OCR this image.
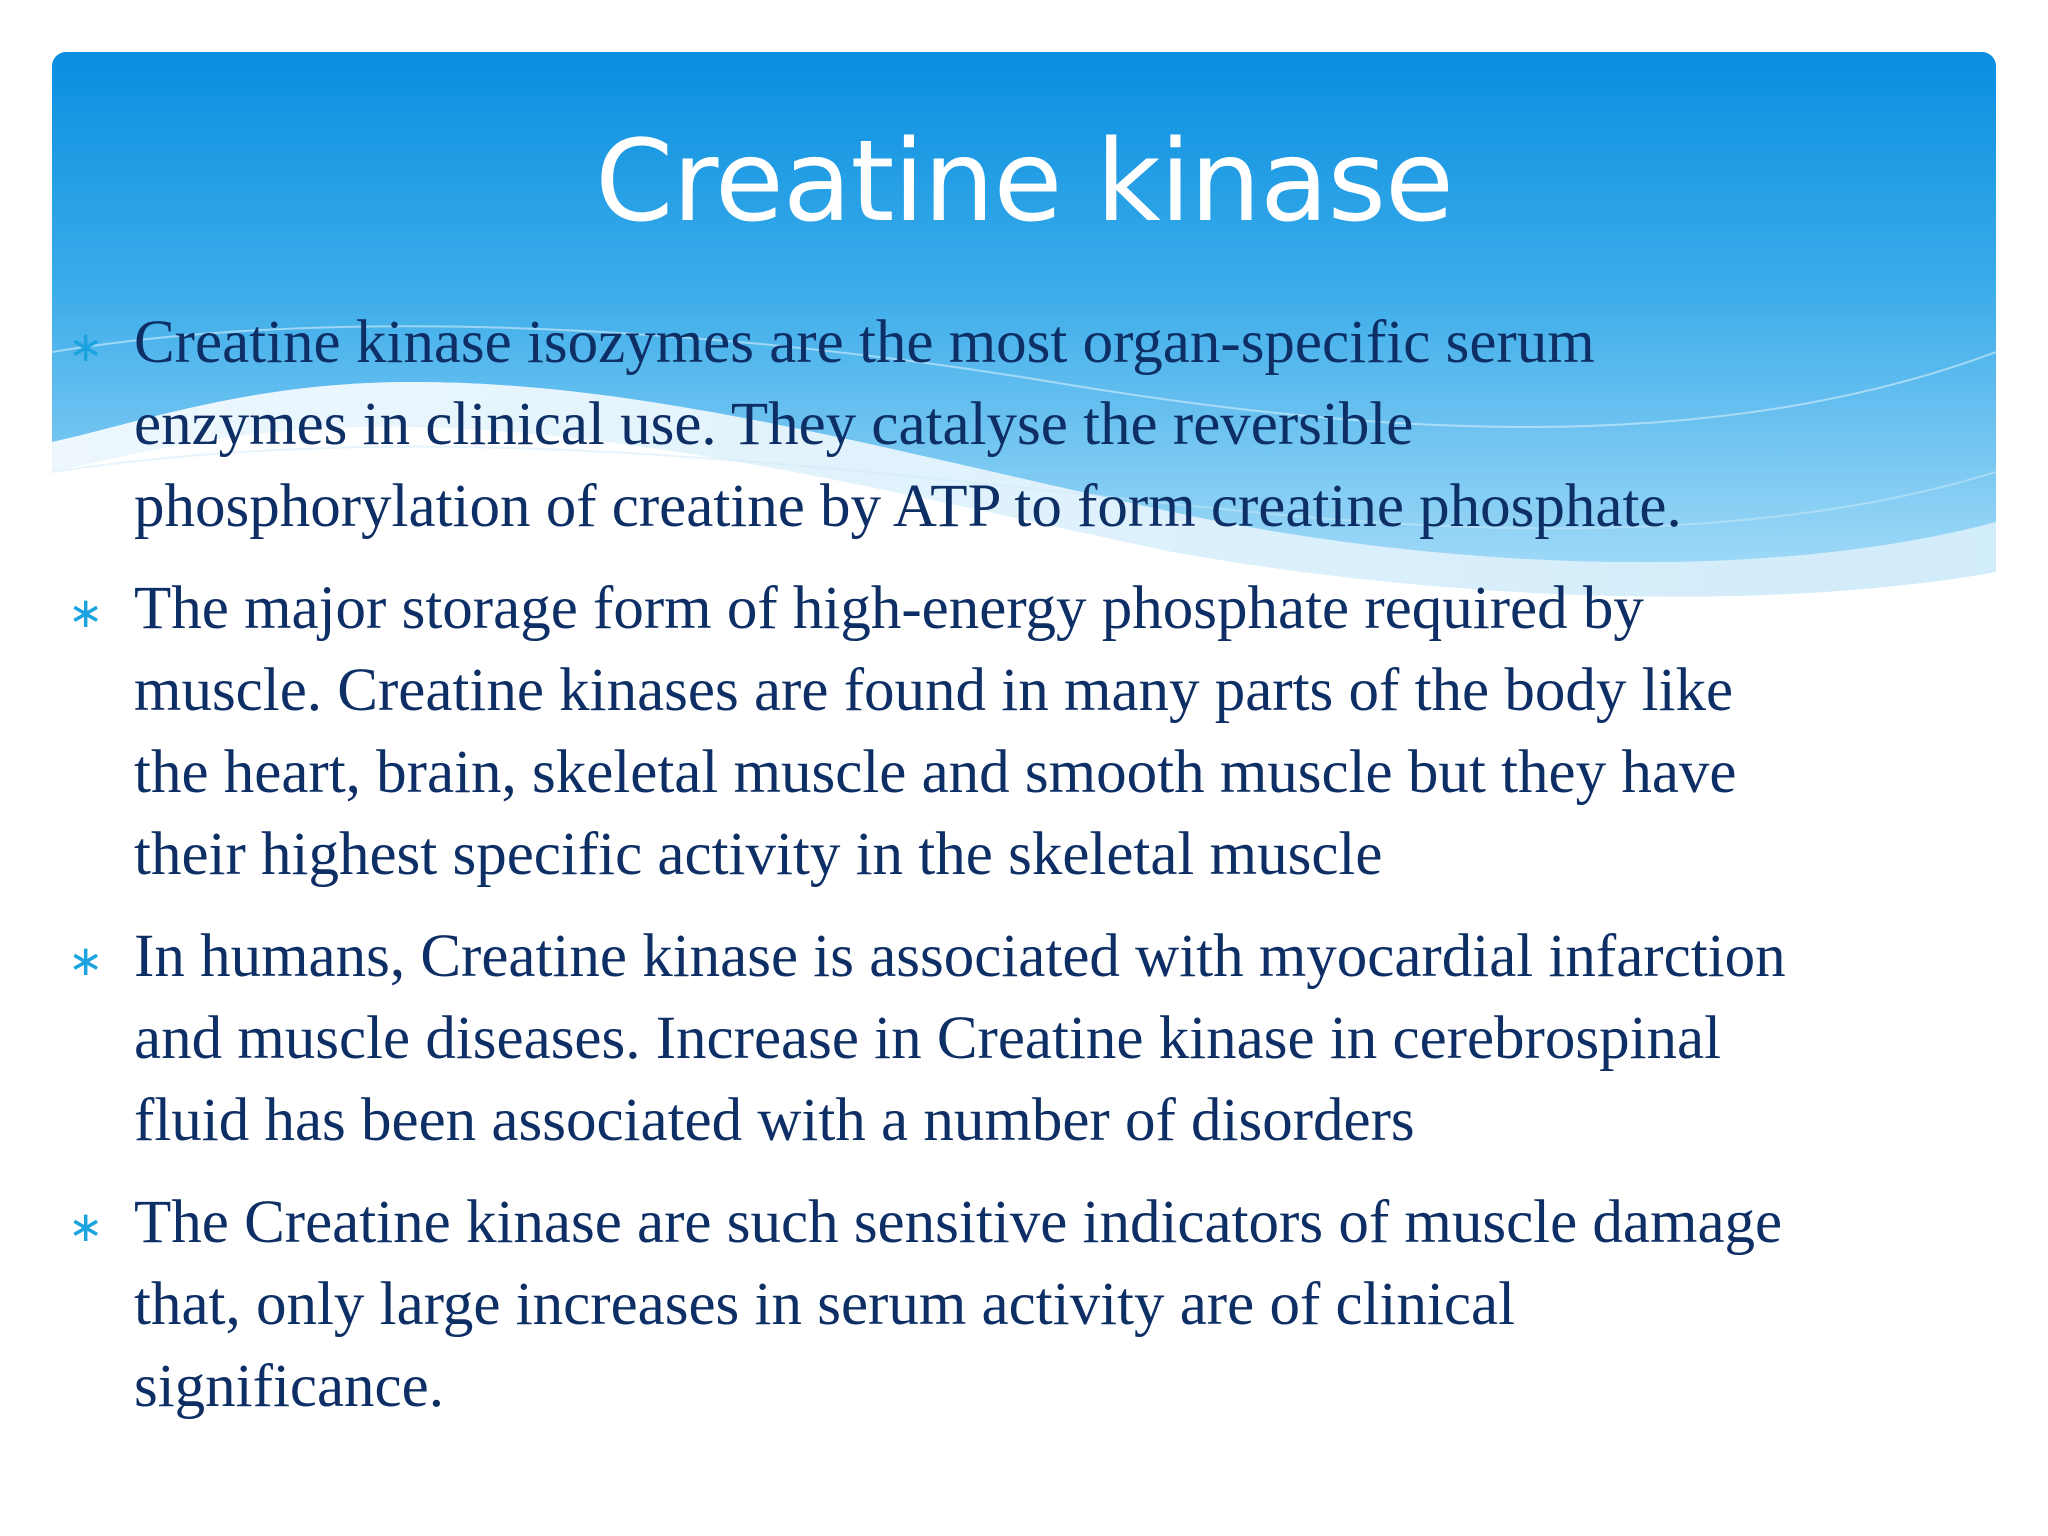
Creatine kinase
∗ Creatine kinase isozymes are the most organ-specific serum
enzymes in clinical use. They catalyse the reversible
phosphorylation of creatine by ATP to form creatine phosphate.
∗ The major storage form of high-energy phosphate required by
muscle. Creatine kinases are found in many parts of the body like
the heart, brain, skeletal muscle and smooth muscle but they have
their highest specific activity in the skeletal muscle
∗ In humans, Creatine kinase is associated with myocardial infarction
and muscle diseases. Increase in Creatine kinase in cerebrospinal
fluid has been associated with a number of disorders
∗ The Creatine kinase are such sensitive indicators of muscle damage
that, only large increases in serum activity are of clinical
significance.
